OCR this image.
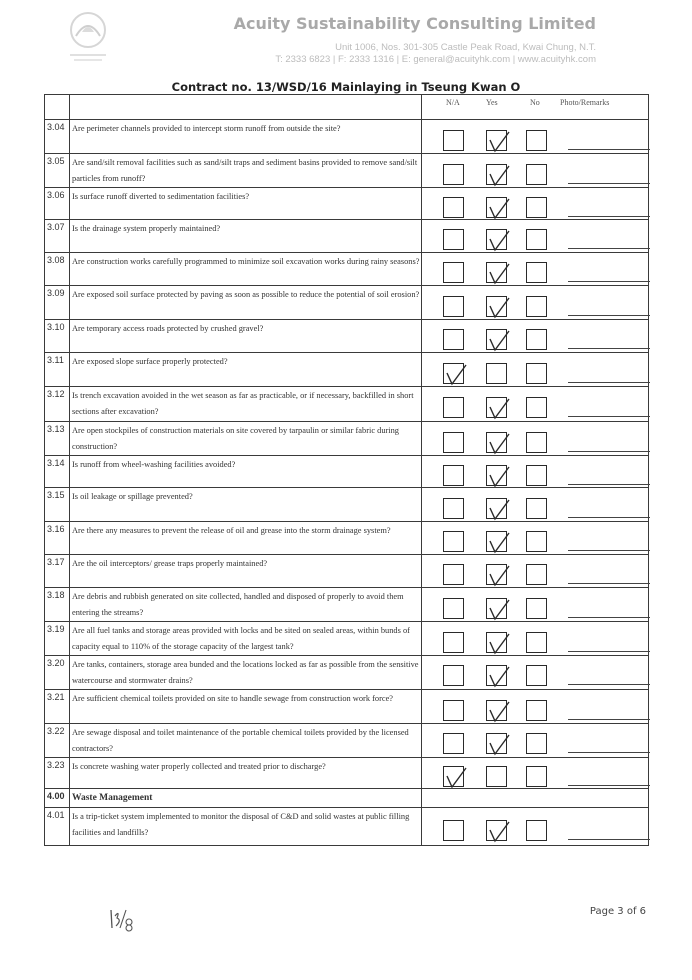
Acuity Sustainability Consulting Limited
Unit 1006, Nos. 301-305 Castle Peak Road, Kwai Chung, N.T.
T: 2333 6823 | F: 2333 1316 | E: general@acuityhk.com | www.acuityhk.com
Contract no. 13/WSD/16 Mainlaying in Tseung Kwan O

		N/A Yes No Photo/Remarks

3.04	Are perimeter channels provided to intercept storm runoff from outside the site?	

3.05	Are sand/silt removal facilities such as sand/silt traps and sediment basins provided to remove sand/silt particles from runoff?	

3.06	Is surface runoff diverted to sedimentation facilities?	

3.07	Is the drainage system properly maintained?	

3.08	Are construction works carefully programmed to minimize soil excavation works during rainy seasons?	

3.09	Are exposed soil surface protected by paving as soon as possible to reduce the potential of soil erosion?	

3.10	Are temporary access roads protected by crushed gravel?	

3.11	Are exposed slope surface properly protected?	

3.12	Is trench excavation avoided in the wet season as far as practicable, or if necessary, backfilled in short sections after excavation?	

3.13	Are open stockpiles of construction materials on site covered by tarpaulin or similar fabric during construction?	

3.14	Is runoff from wheel-washing facilities avoided?	

3.15	Is oil leakage or spillage prevented?	

3.16	Are there any measures to prevent the release of oil and grease into the storm drainage system?	

3.17	Are the oil interceptors/ grease traps properly maintained?	

3.18	Are debris and rubbish generated on site collected, handled and disposed of properly to avoid them entering the streams?	

3.19	Are all fuel tanks and storage areas provided with locks and be sited on sealed areas, within bunds of capacity equal to 110% of the storage capacity of the largest tank?	

3.20	Are tanks, containers, storage area bunded and the locations locked as far as possible from the sensitive watercourse and stormwater drains?	

3.21	Are sufficient chemical toilets provided on site to handle sewage from construction work force?	

3.22	Are sewage disposal and toilet maintenance of the portable chemical toilets provided by the licensed contractors?	

3.23	Is concrete washing water properly collected and treated prior to discharge?	

4.00	Waste Management	
4.01	Is a trip-ticket system implemented to monitor the disposal of C&D and solid wastes at public filling facilities and landfills?	
Page 3 of 6
